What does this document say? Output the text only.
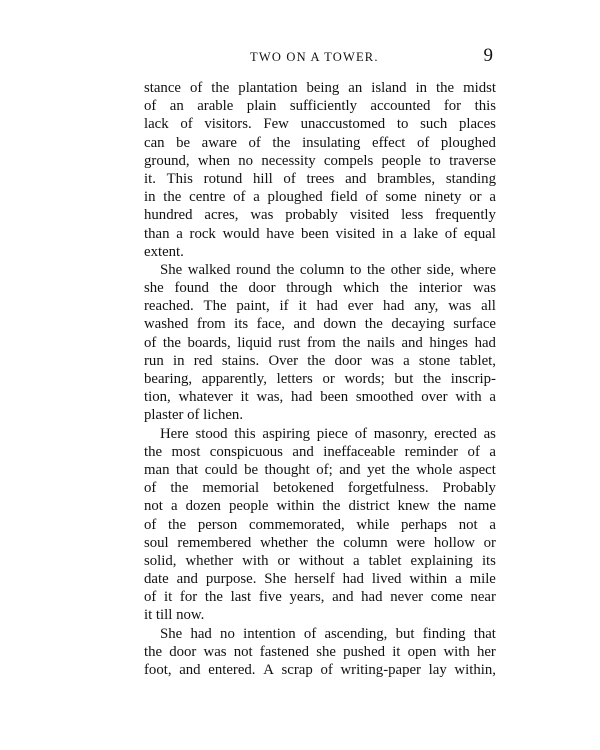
TWO ON A TOWER.	9
stance of the plantation being an island in the midst
of an arable plain sufficiently accounted for this
lack of visitors. Few unaccustomed to such places
can be aware of the insulating effect of ploughed
ground, when no necessity compels people to traverse
it. This rotund hill of trees and brambles, standing
in the centre of a ploughed field of some ninety or a
hundred acres, was probably visited less frequently
than a rock would have been visited in a lake of equal
extent.
She walked round the column to the other side, where
she found the door through which the interior was
reached. The paint, if it had ever had any, was all
washed from its face, and down the decaying surface
of the boards, liquid rust from the nails and hinges had
run in red stains. Over the door was a stone tablet,
bearing, apparently, letters or words; but the inscrip-
tion, whatever it was, had been smoothed over with a
plaster of lichen.
Here stood this aspiring piece of masonry, erected as
the most conspicuous and ineffaceable reminder of a
man that could be thought of; and yet the whole aspect
of the memorial betokened forgetfulness. Probably
not a dozen people within the district knew the name
of the person commemorated, while perhaps not a
soul remembered whether the column were hollow or
solid, whether with or without a tablet explaining its
date and purpose. She herself had lived within a mile
of it for the last five years, and had never come near
it till now.
She had no intention of ascending, but finding that
the door was not fastened she pushed it open with her
foot, and entered. A scrap of writing-paper lay within,
